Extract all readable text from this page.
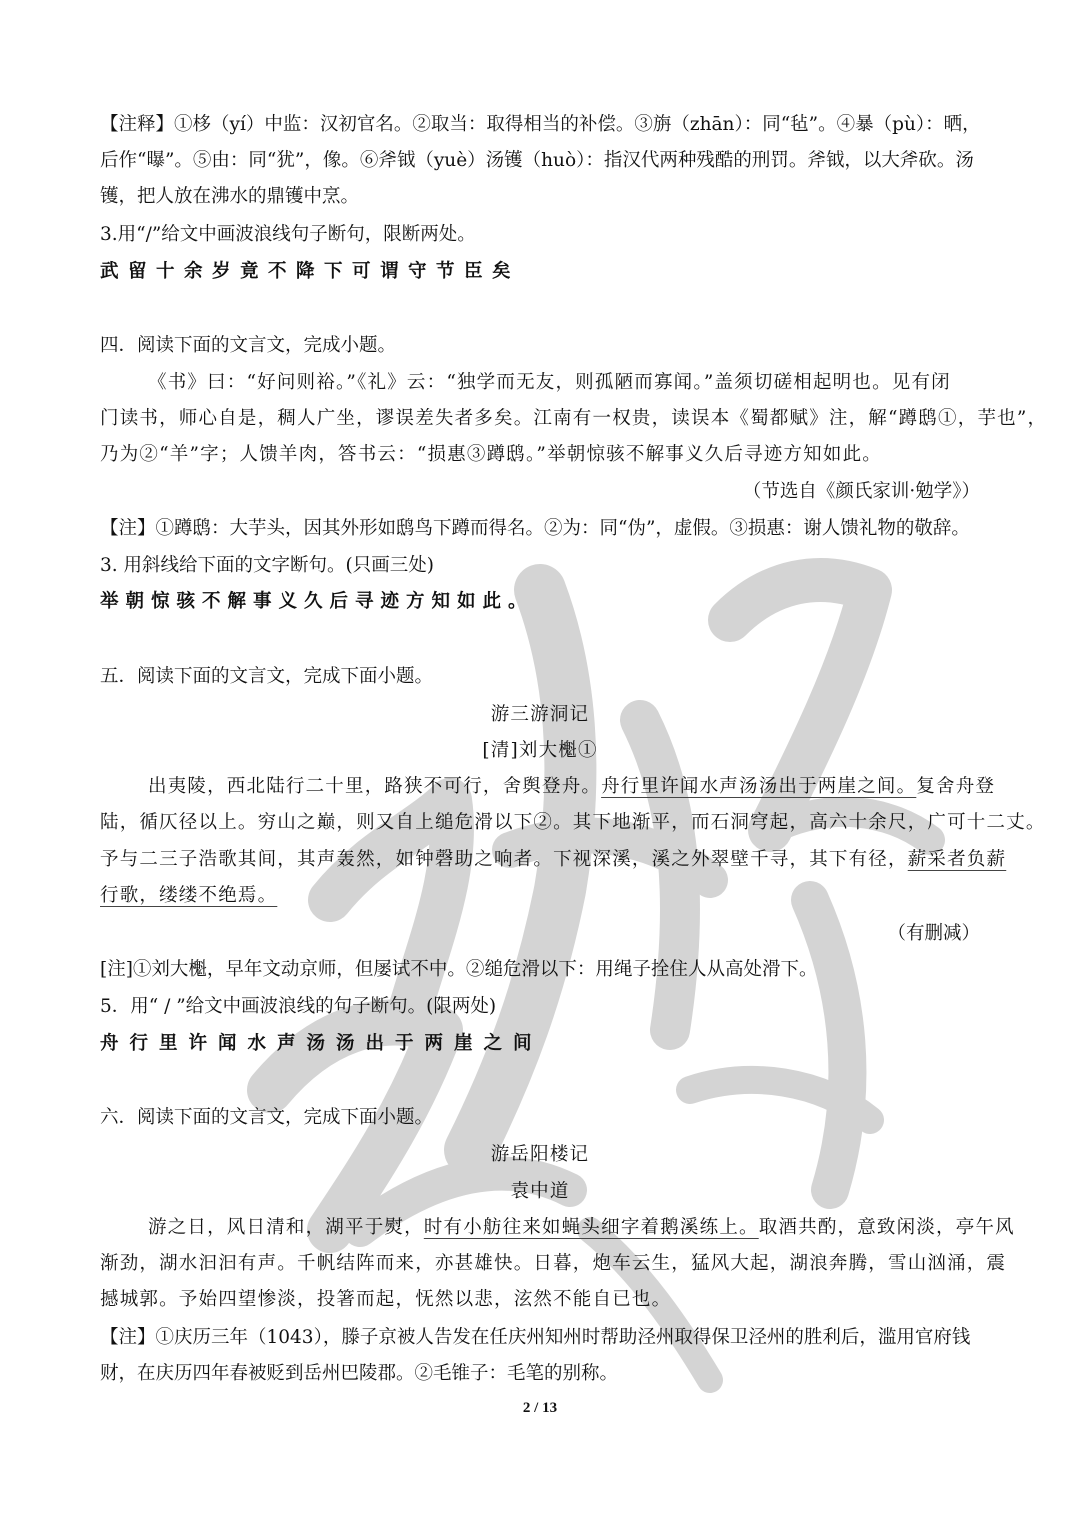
【注释】①栘（yí）中监：汉初官名。②取当：取得相当的补偿。③旃（zhān）：同“毡”。④暴（pù）：晒，
后作“曝”。⑤由：同“犹”，像。⑥斧钺（yuè）汤镬（huò）：指汉代两种残酷的刑罚。斧钺，以大斧砍。汤
镬，把人放在沸水的鼎镬中烹。
3.用“/”给文中画波浪线句子断句，限断两处。
武留十余岁竟不降下可谓守节臣矣
四．阅读下面的文言文，完成小题。
《书》曰：“好问则裕。”《礼》云：“独学而无友，则孤陋而寡闻。”盖须切磋相起明也。见有闭
门读书，师心自是，稠人广坐，谬误差失者多矣。江南有一权贵，读误本《蜀都赋》注，解“蹲鸱①，芋也”，
乃为②“羊”字；人馈羊肉，答书云：“损惠③蹲鸱。”举朝惊骇不解事义久后寻迹方知如此。
（节选自《颜氏家训·勉学》）
【注】①蹲鸱：大芋头，因其外形如鸱鸟下蹲而得名。②为：同“伪”，虚假。③损惠：谢人馈礼物的敬辞。
3. 用斜线给下面的文字断句。(只画三处)
举朝惊骇不解事义久后寻迹方知如此。
五．阅读下面的文言文，完成下面小题。
游三游洞记
[清]刘大櫆①
出夷陵，西北陆行二十里，路狭不可行，舍舆登舟。舟行里许闻水声汤汤出于两崖之间。复舍舟登
陆，循仄径以上。穷山之巅，则又自上缒危滑以下②。其下地渐平，而石洞穹起，高六十余尺，广可十二丈。
予与二三子浩歌其间，其声轰然，如钟磬助之响者。下视深溪，溪之外翠壁千寻，其下有径，薪采者负薪
行歌，缕缕不绝焉。
（有删减）
[注]①刘大櫆，早年文动京师，但屡试不中。②缒危滑以下：用绳子拴住人从高处滑下。
5．用“ / ”给文中画波浪线的句子断句。(限两处)
舟行里许闻水声汤汤出于两崖之间
六．阅读下面的文言文，完成下面小题。
游岳阳楼记
袁中道
游之日，风日清和，湖平于熨，时有小舫往来如蝇头细字着鹅溪练上。取酒共酌，意致闲淡，亭午风
渐劲，湖水汩汩有声。千帆结阵而来，亦甚雄快。日暮，炮车云生，猛风大起，湖浪奔腾，雪山汹涌，震
撼城郭。予始四望惨淡，投箸而起，怃然以悲，泫然不能自已也。
【注】①庆历三年（1043），滕子京被人告发在任庆州知州时帮助泾州取得保卫泾州的胜利后，滥用官府钱
财，在庆历四年春被贬到岳州巴陵郡。②毛锥子：毛笔的别称。
2 / 13
